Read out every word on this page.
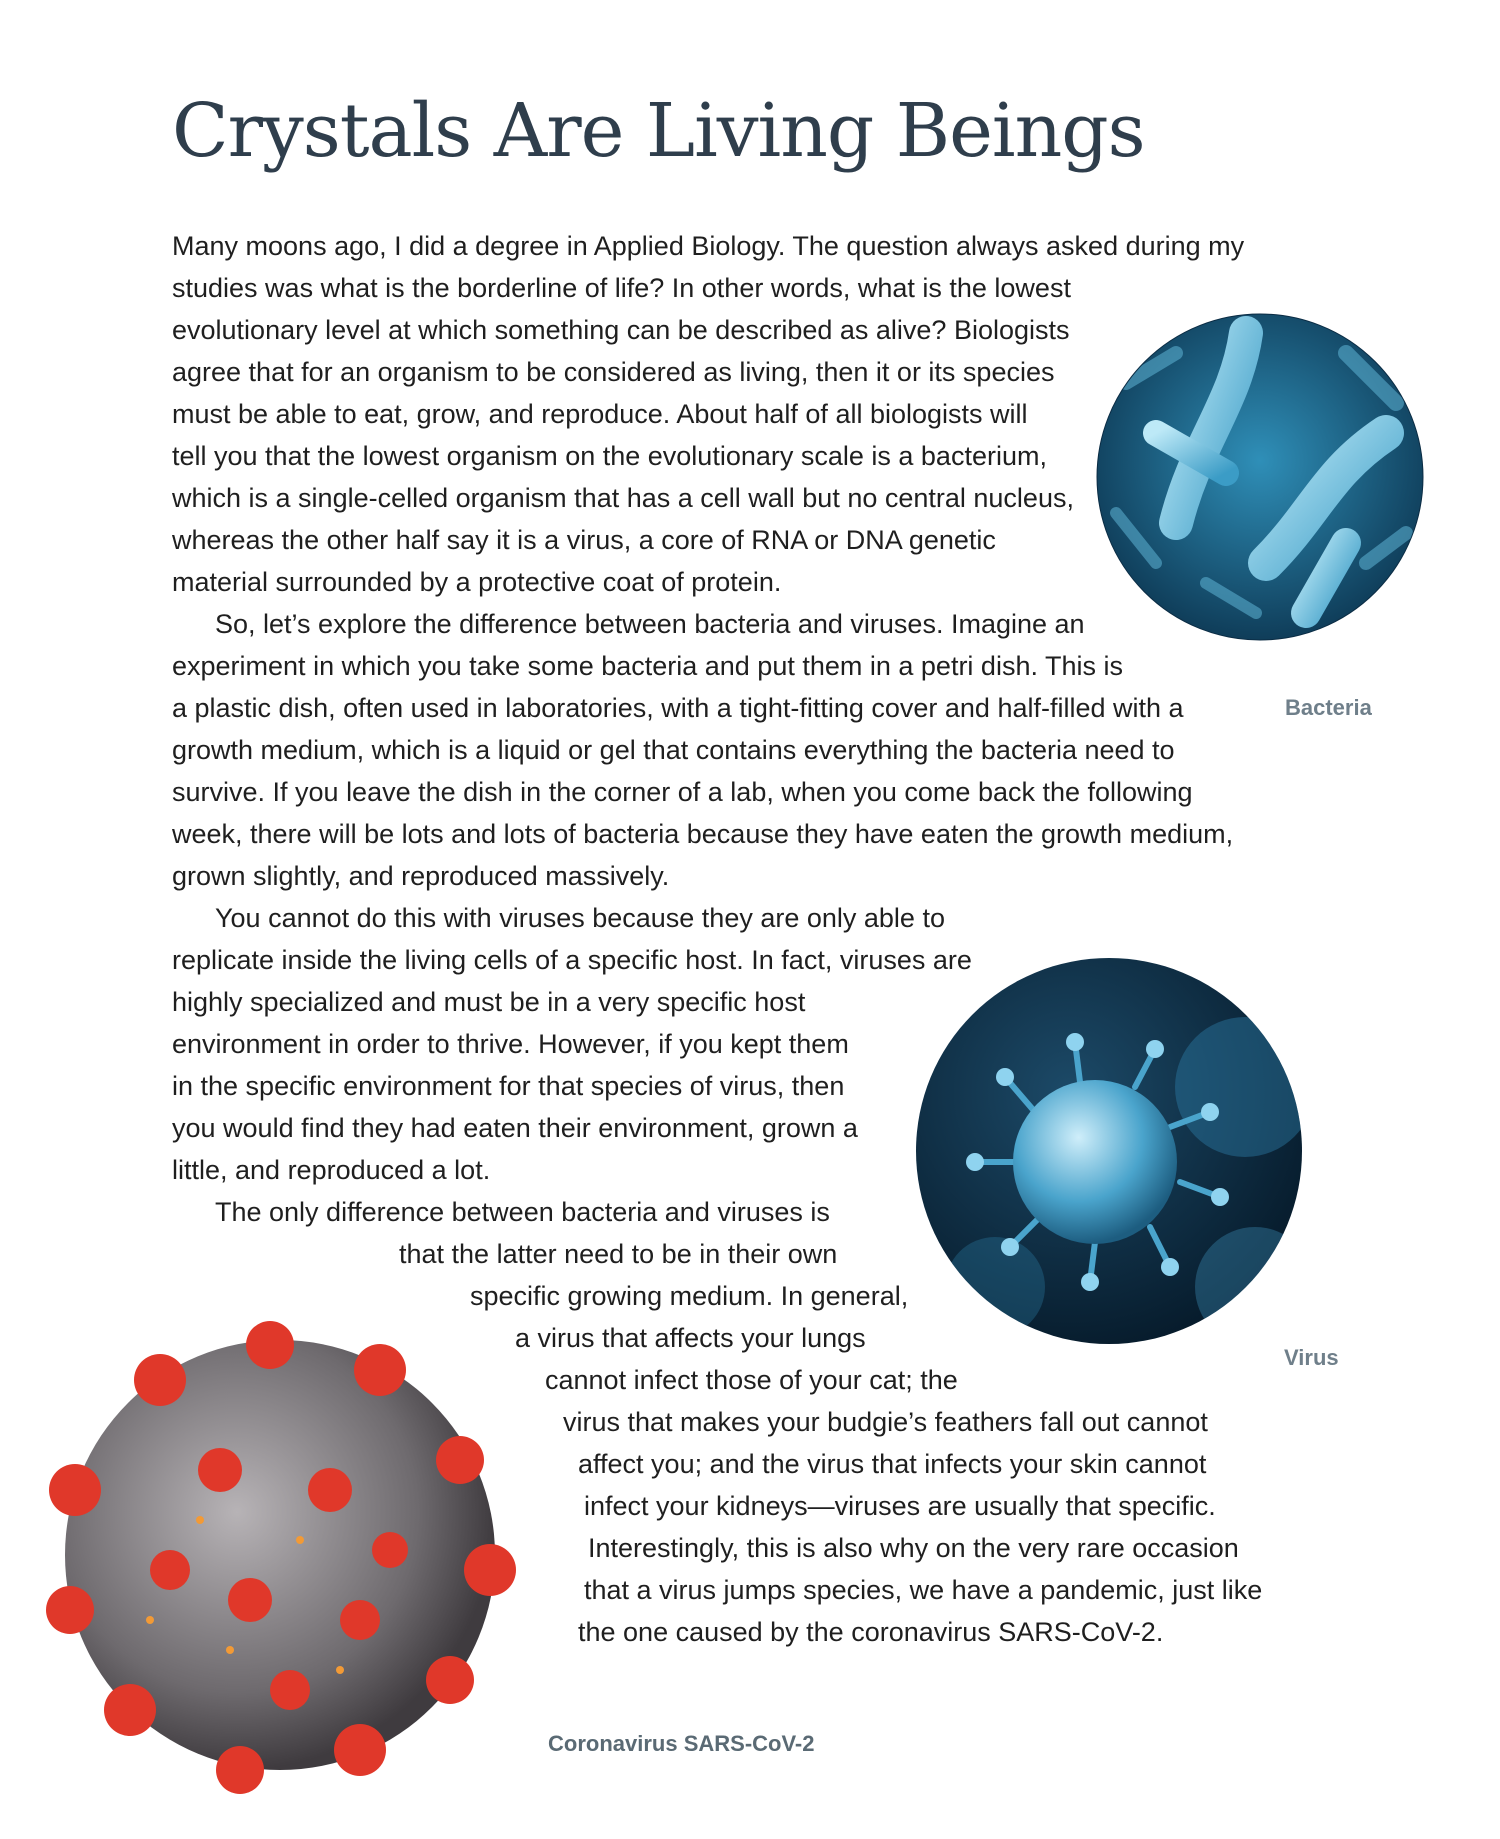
Crystals Are Living Beings
Many moons ago, I did a degree in Applied Biology. The question always asked during my
studies was what is the borderline of life? In other words, what is the lowest
evolutionary level at which something can be described as alive? Biologists
agree that for an organism to be considered as living, then it or its species
must be able to eat, grow, and reproduce. About half of all biologists will
tell you that the lowest organism on the evolutionary scale is a bacterium,
which is a single-celled organism that has a cell wall but no central nucleus,
whereas the other half say it is a virus, a core of RNA or DNA genetic
material surrounded by a protective coat of protein.
So, let’s explore the difference between bacteria and viruses. Imagine an
experiment in which you take some bacteria and put them in a petri dish. This is
a plastic dish, often used in laboratories, with a tight-fitting cover and half-filled with a
growth medium, which is a liquid or gel that contains everything the bacteria need to
survive. If you leave the dish in the corner of a lab, when you come back the following
week, there will be lots and lots of bacteria because they have eaten the growth medium,
grown slightly, and reproduced massively.
You cannot do this with viruses because they are only able to
replicate inside the living cells of a specific host. In fact, viruses are
highly specialized and must be in a very specific host
environment in order to thrive. However, if you kept them
in the specific environment for that species of virus, then
you would find they had eaten their environment, grown a
little, and reproduced a lot.
The only difference between bacteria and viruses is
that the latter need to be in their own
specific growing medium. In general,
a virus that affects your lungs
cannot infect those of your cat; the
virus that makes your budgie’s feathers fall out cannot
affect you; and the virus that infects your skin cannot
infect your kidneys—viruses are usually that specific.
Interestingly, this is also why on the very rare occasion
that a virus jumps species, we have a pandemic, just like
the one caused by the coronavirus SARS-CoV-2.
Bacteria
Virus
Coronavirus SARS-CoV-2
